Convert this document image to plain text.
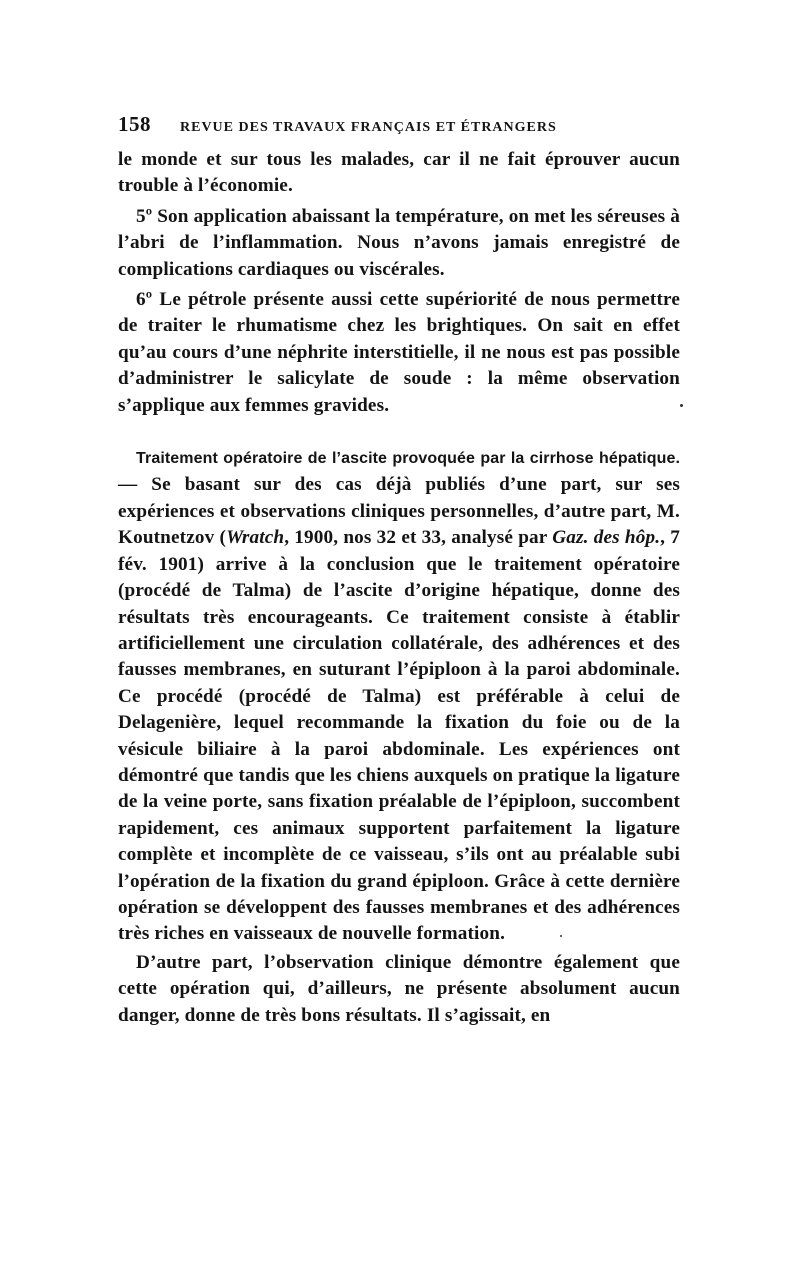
158	REVUE DES TRAVAUX FRANÇAIS ET ÉTRANGERS

le monde et sur tous les malades, car il ne fait éprouver aucun trouble à l’économie.

5º Son application abaissant la température, on met les séreuses à l’abri de l’inflammation. Nous n’avons jamais enregistré de complications cardiaques ou viscérales.

6º Le pétrole présente aussi cette supériorité de nous permettre de traiter le rhumatisme chez les brightiques. On sait en effet qu’au cours d’une néphrite interstitielle, il ne nous est pas possible d’administrer le salicylate de soude : la même observation s’applique aux femmes gravides.

Traitement opératoire de l’ascite provoquée par la cirrhose hépatique. — Se basant sur des cas déjà publiés d’une part, sur ses expériences et observations cliniques personnelles, d’autre part, M. Koutnetzov (Wratch, 1900, nos 32 et 33, analysé par Gaz. des hôp., 7 fév. 1901) arrive à la conclusion que le traitement opératoire (procédé de Talma) de l’ascite d’origine hépatique, donne des résultats très encourageants. Ce traitement consiste à établir artificiellement une circulation collatérale, des adhérences et des fausses membranes, en suturant l’épiploon à la paroi abdominale. Ce procédé (procédé de Talma) est préférable à celui de Delagenière, lequel recommande la fixation du foie ou de la vésicule biliaire à la paroi abdominale. Les expériences ont démontré que tandis que les chiens auxquels on pratique la ligature de la veine porte, sans fixation préalable de l’épiploon, succombent rapidement, ces animaux supportent parfaitement la ligature complète et incomplète de ce vaisseau, s’ils ont au préalable subi l’opération de la fixation du grand épiploon. Grâce à cette dernière opération se développent des fausses membranes et des adhérences très riches en vaisseaux de nouvelle formation.

D’autre part, l’observation clinique démontre également que cette opération qui, d’ailleurs, ne présente absolument aucun danger, donne de très bons résultats. Il s’agissait, en
